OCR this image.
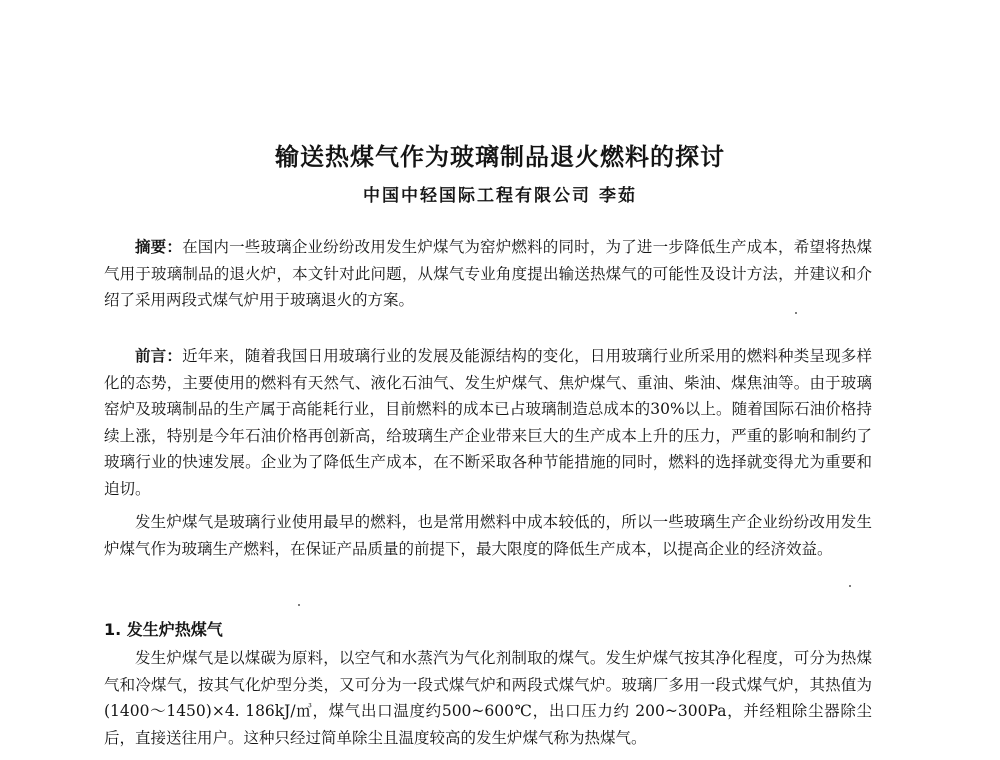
输送热煤气作为玻璃制品退火燃料的探讨
中国中轻国际工程有限公司 李茹

摘要：在国内一些玻璃企业纷纷改用发生炉煤气为窑炉燃料的同时，为了进一步降低生产成本，希望将热煤气用于玻璃制品的退火炉，本文针对此问题，从煤气专业角度提出输送热煤气的可能性及设计方法，并建议和介绍了采用两段式煤气炉用于玻璃退火的方案。

前言：近年来，随着我国日用玻璃行业的发展及能源结构的变化，日用玻璃行业所采用的燃料种类呈现多样化的态势，主要使用的燃料有天然气、液化石油气、发生炉煤气、焦炉煤气、重油、柴油、煤焦油等。由于玻璃窑炉及玻璃制品的生产属于高能耗行业，目前燃料的成本已占玻璃制造总成本的30%以上。随着国际石油价格持续上涨，特别是今年石油价格再创新高，给玻璃生产企业带来巨大的生产成本上升的压力，严重的影响和制约了玻璃行业的快速发展。企业为了降低生产成本，在不断采取各种节能措施的同时，燃料的选择就变得尤为重要和迫切。

发生炉煤气是玻璃行业使用最早的燃料，也是常用燃料中成本较低的，所以一些玻璃生产企业纷纷改用发生炉煤气作为玻璃生产燃料，在保证产品质量的前提下，最大限度的降低生产成本，以提高企业的经济效益。

1. 发生炉热煤气

发生炉煤气是以煤碳为原料，以空气和水蒸汽为气化剂制取的煤气。发生炉煤气按其净化程度，可分为热煤气和冷煤气，按其气化炉型分类，又可分为一段式煤气炉和两段式煤气炉。玻璃厂多用一段式煤气炉，其热值为(1400～1450)×4. 186kJ/㎥，煤气出口温度约500~600℃，出口压力约 200~300Pa，并经粗除尘器除尘后，直接送往用户。这种只经过简单除尘且温度较高的发生炉煤气称为热煤气。
